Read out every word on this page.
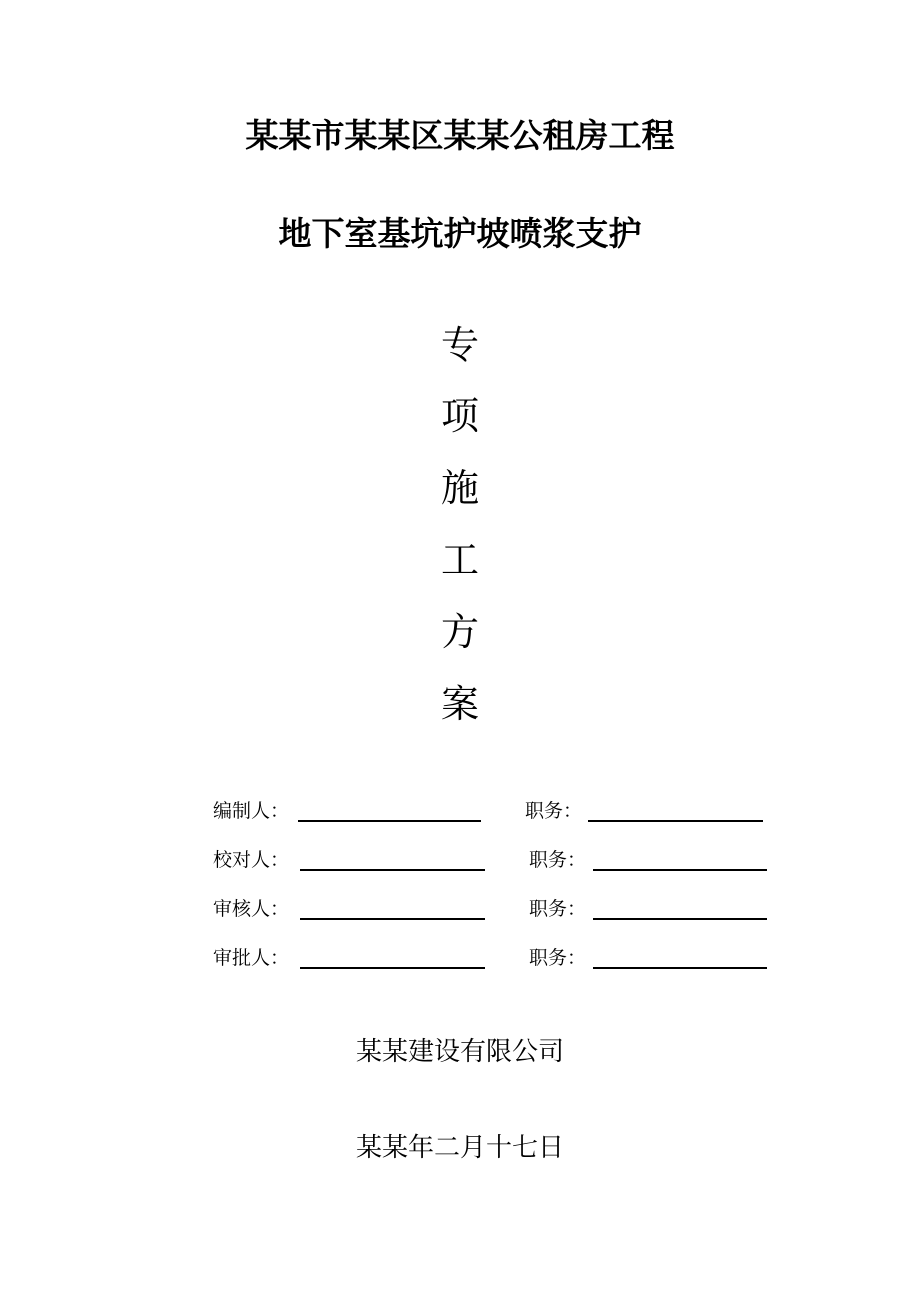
某某市某某区某某公租房工程
地下室基坑护坡喷浆支护
专
项
施
工
方
案
编制人：	职务：
校对人：	职务：
审核人：	职务：
审批人：	职务：
某某建设有限公司
某某年二月十七日
